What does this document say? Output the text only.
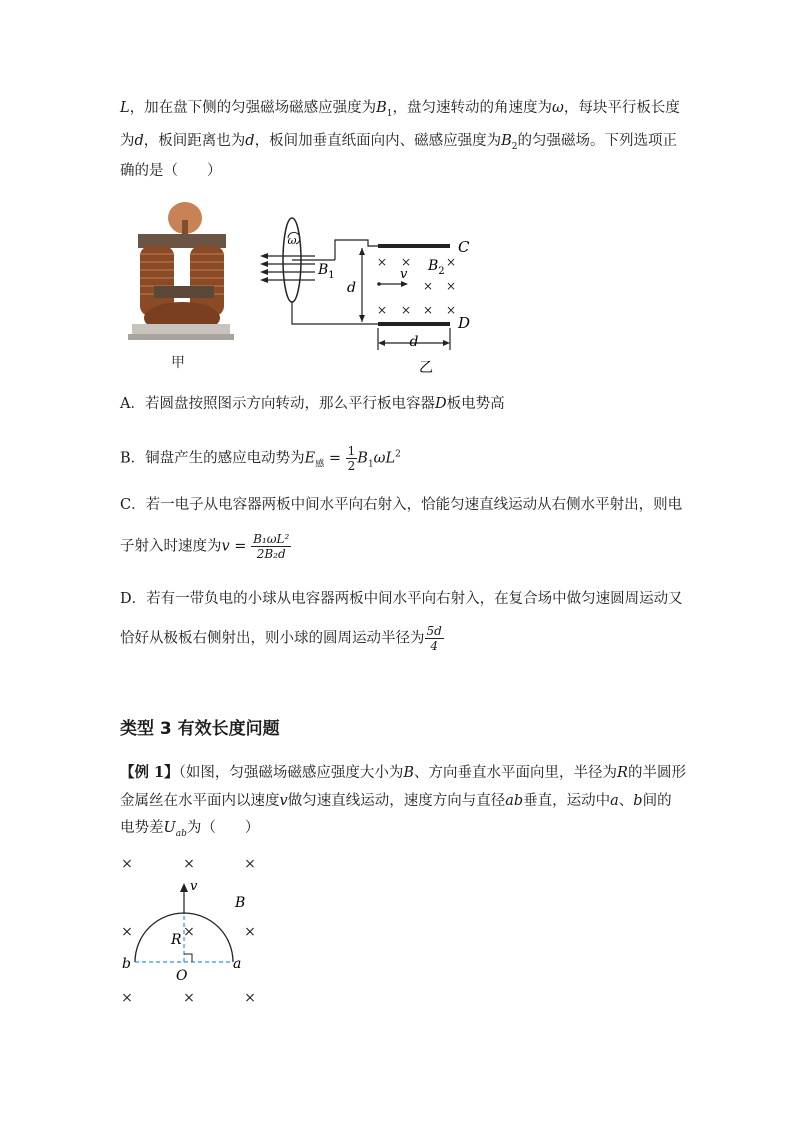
L，加在盘下侧的匀强磁场磁感应强度为$B_1$，盘匀速转动的角速度为ω，每块平行板长度
为d，板间距离也为d，板间加垂直纸面向内、磁感应强度为$B_2$的匀强磁场。下列选项正
确的是（　　）
甲
ω
$B_1$
C
D
$B_2$
d
d
v
× ×	×
× ×
× × × ×
乙
A．若圆盘按照图示方向转动，那么平行板电容器D板电势高
B．铜盘产生的感应电动势为$E_感 = \frac{1}{2} B_1\omega L^2$
C．若一电子从电容器两板中间水平向右射入，恰能匀速直线运动从右侧水平射出，则电
子射入时速度为$v = \frac{\text{B₁ωL²}}{\text{2B₂d}}$
D．若有一带负电的小球从电容器两板中间水平向右射入，在复合场中做匀速圆周运动又
恰好从极板右侧射出，则小球的圆周运动半径为 $\frac{5d}{4}$
类型 3 有效长度问题
【例 1】（如图，匀强磁场磁感应强度大小为B、方向垂直水平面向里，半径为R的半圆形
金属丝在水平面内以速度v做匀速直线运动，速度方向与直径ab垂直，运动中a、b间的
电势差$U_{ab}$为（　　）
×	×	×
×	×	×
×	×	×
v
B
R
a
b
O
